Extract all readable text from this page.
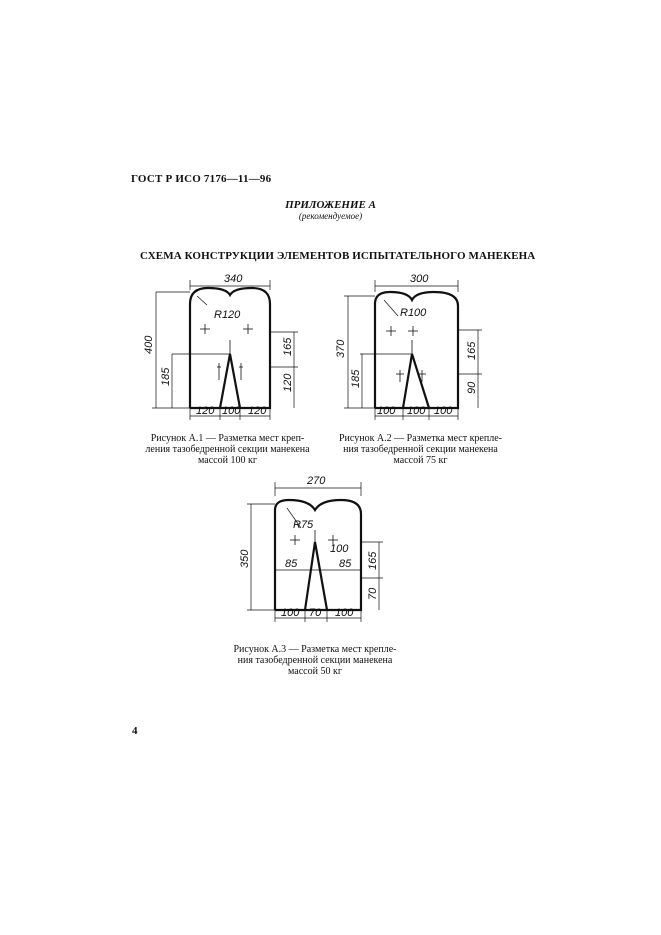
ГОСТ Р ИСО 7176—11—96
ПРИЛОЖЕНИЕ А
(рекомендуемое)
СХЕМА КОНСТРУКЦИИ ЭЛЕМЕНТОВ ИСПЫТАТЕЛЬНОГО МАНЕКЕНА
340
R120
400
185
165
120
120 100 120
Рисунок А.1 — Разметка мест креп-
ления тазобедренной секции манекена
массой 100 кг
300
R100
370
185
165
90
100 100 100
Рисунок А.2 — Разметка мест крепле-
ния тазобедренной секции манекена
массой 75 кг
270
R75
350
100
85	85 165
70
100 70 100
Рисунок А.3 — Разметка мест крепле-
ния тазобедренной секции манекена
массой 50 кг
4
